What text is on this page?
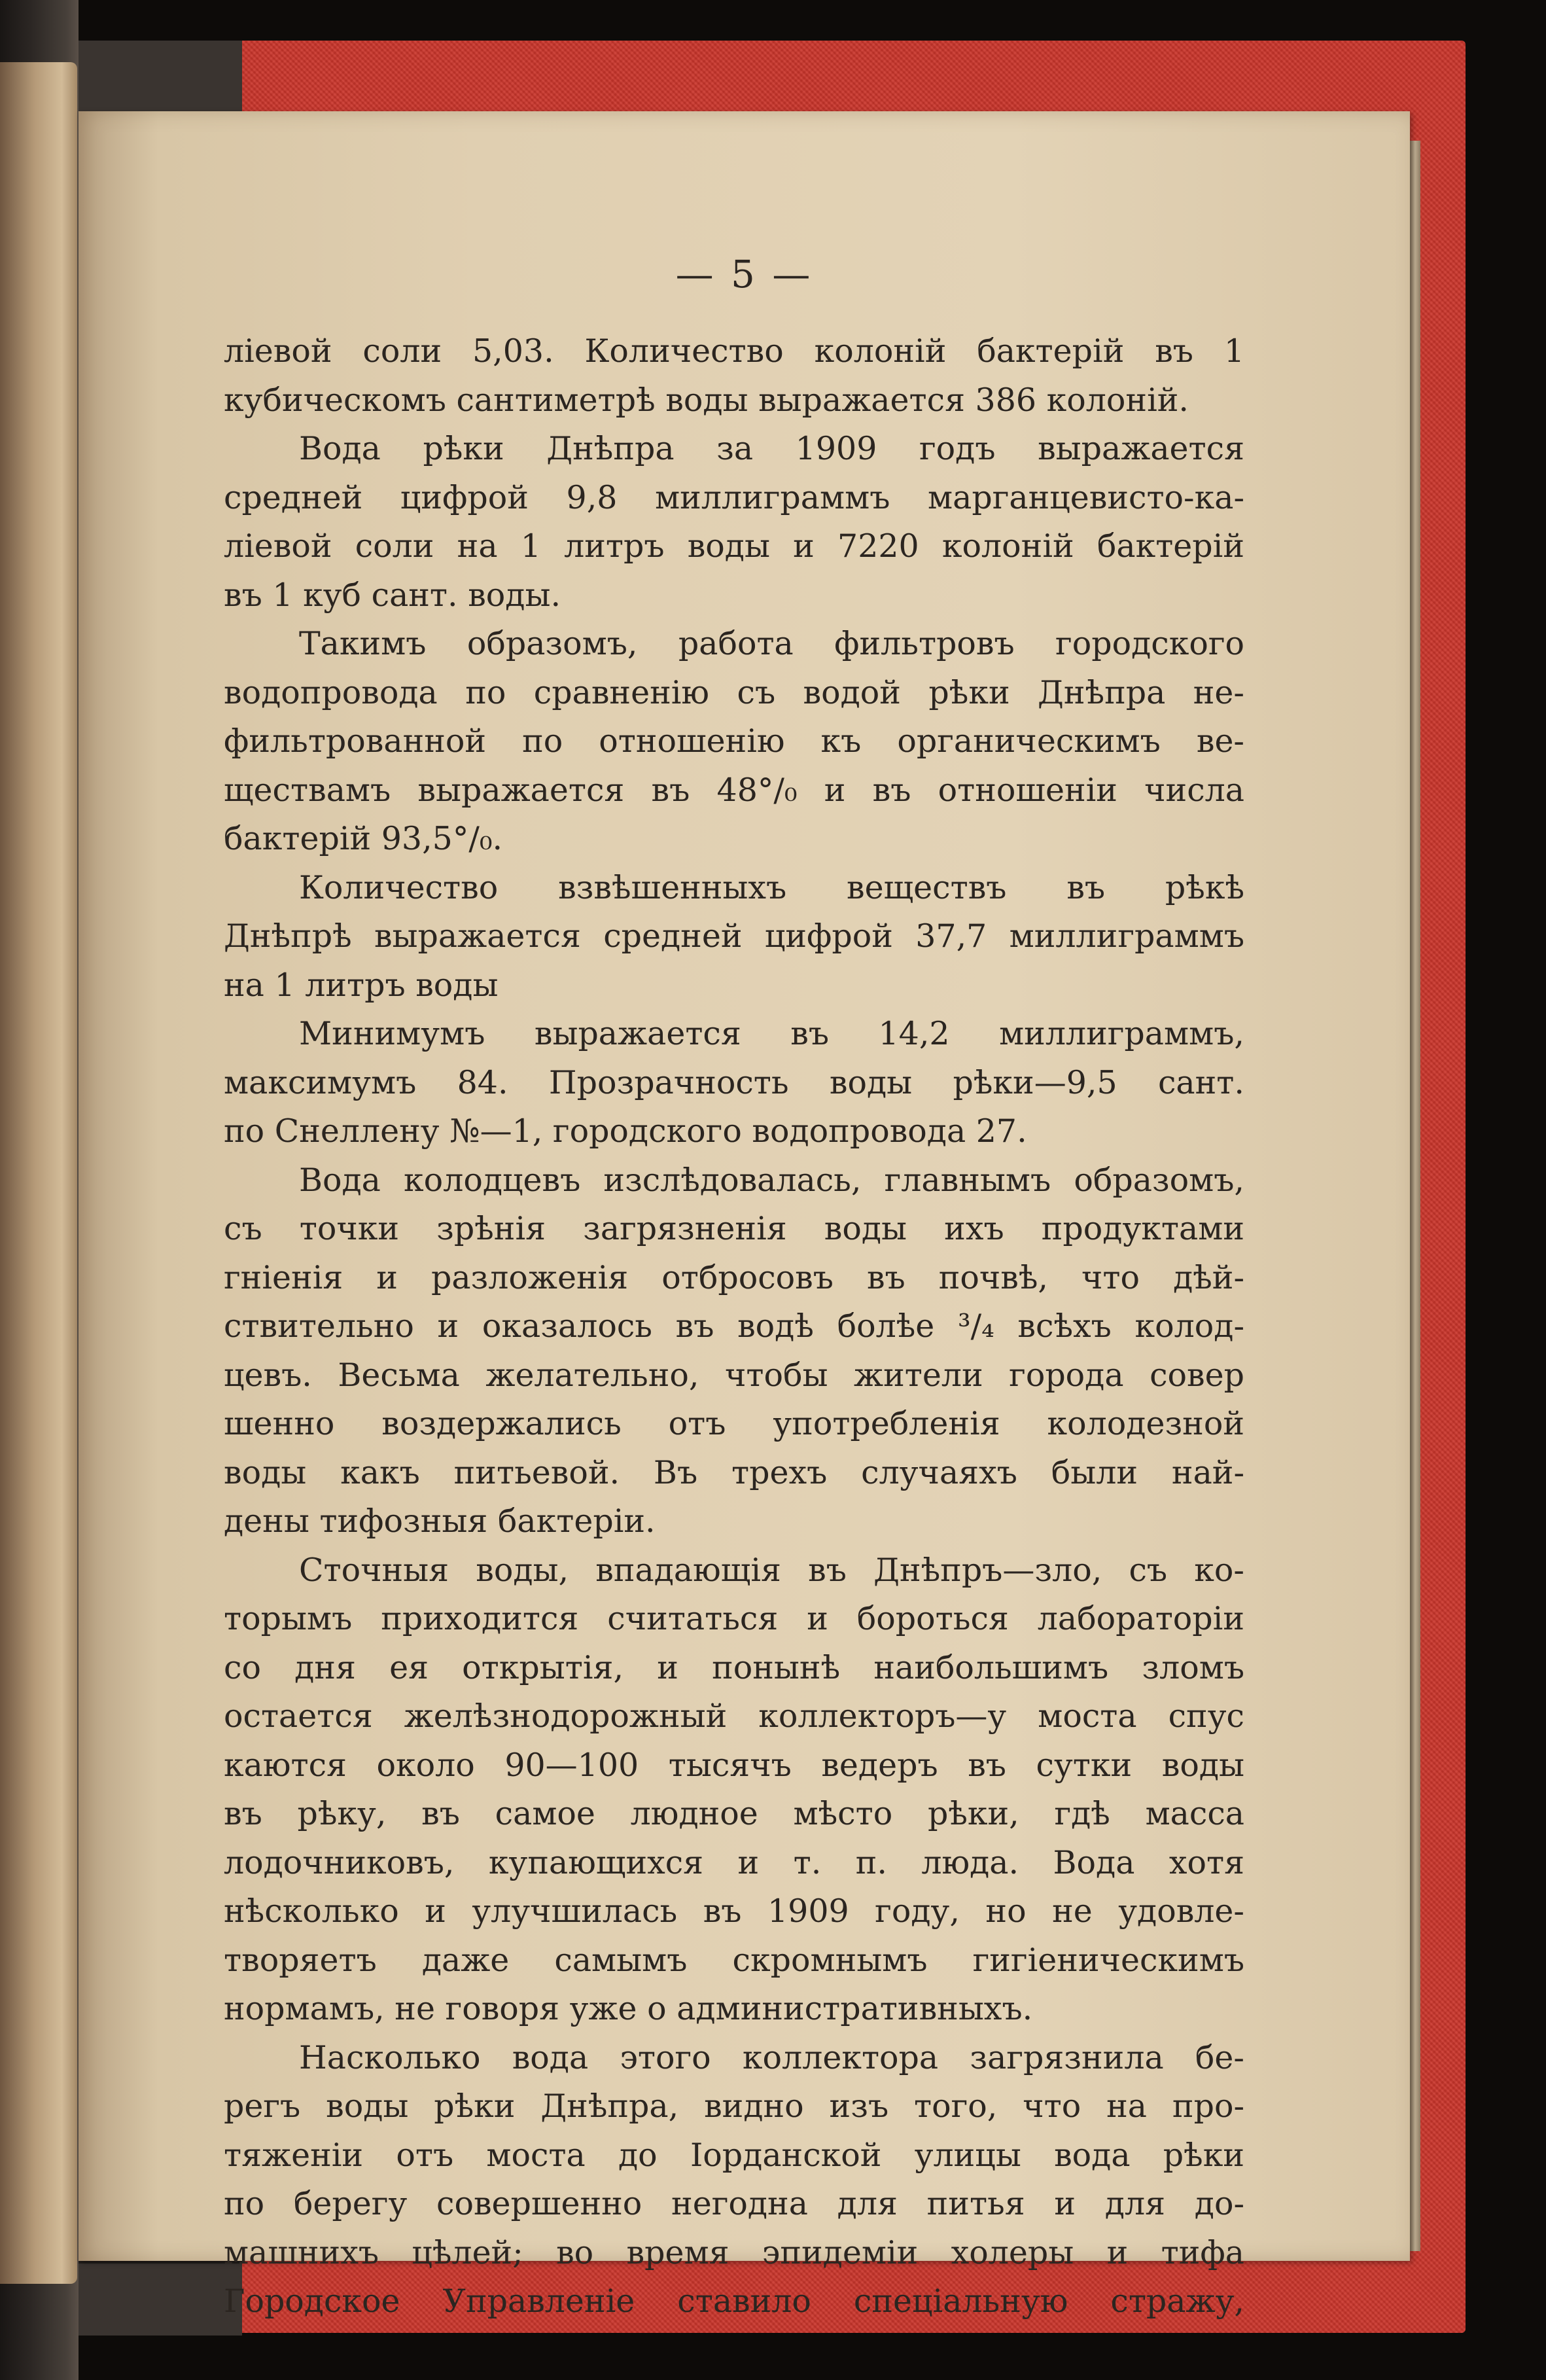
— 5 —

лiевой соли 5,03. Количество колоній бактерій въ 1
кубическомъ сантиметрѣ воды выражается 386 колоній.
Вода рѣки Днѣпра за 1909 годъ выражается
средней цифрой 9,8 миллиграммъ марганцевисто-ка-
лiевой соли на 1 литръ воды и 7220 колоній бактерій
въ 1 куб сант. воды.
Такимъ образомъ, работа фильтровъ городского
водопровода по сравненію съ водой рѣки Днѣпра не-
фильтрованной по отношенію къ органическимъ ве-
ществамъ выражается въ 48°/₀ и въ отношеніи числа
бактерій 93,5°/₀.
Количество взвѣшенныхъ веществъ въ рѣкѣ
Днѣпрѣ выражается средней цифрой 37,7 миллиграммъ
на 1 литръ воды
Минимумъ выражается въ 14,2 миллиграммъ,
максимумъ 84. Прозрачность воды рѣки—9,5 сант.
по Снеллену №—1, городского водопровода 27.
Вода колодцевъ изслѣдовалась, главнымъ образомъ,
съ точки зрѣнія загрязненія воды ихъ продуктами
гніенія и разложенія отбросовъ въ почвѣ, что дѣй-
ствительно и оказалось въ водѣ болѣе ³/₄ всѣхъ колод-
цевъ. Весьма желательно, чтобы жители города совер
шенно воздержались отъ употребленія колодезной
воды какъ питьевой. Въ трехъ случаяхъ были най-
дены тифозныя бактеріи.
Сточныя воды, впадающія въ Днѣпръ—зло, съ ко-
торымъ приходится считаться и бороться лабораторіи
со дня ея открытія, и понынѣ наибольшимъ зломъ
остается желѣзнодорожный коллекторъ—у моста спус
каются около 90—100 тысячъ ведеръ въ сутки воды
въ рѣку, въ самое людное мѣсто рѣки, гдѣ масса
лодочниковъ, купающихся и т. п. люда. Вода хотя
нѣсколько и улучшилась въ 1909 году, но не удовле-
творяетъ даже самымъ скромнымъ гигіеническимъ
нормамъ, не говоря уже о административныхъ.
Насколько вода этого коллектора загрязнила бе-
регъ воды рѣки Днѣпра, видно изъ того, что на про-
тяженіи отъ моста до Іорданской улицы вода рѣки
по берегу совершенно негодна для питья и для до-
машнихъ цѣлей; во время эпидеміи холеры и тифа
Городское Управленіе ставило спеціальную стражу,
